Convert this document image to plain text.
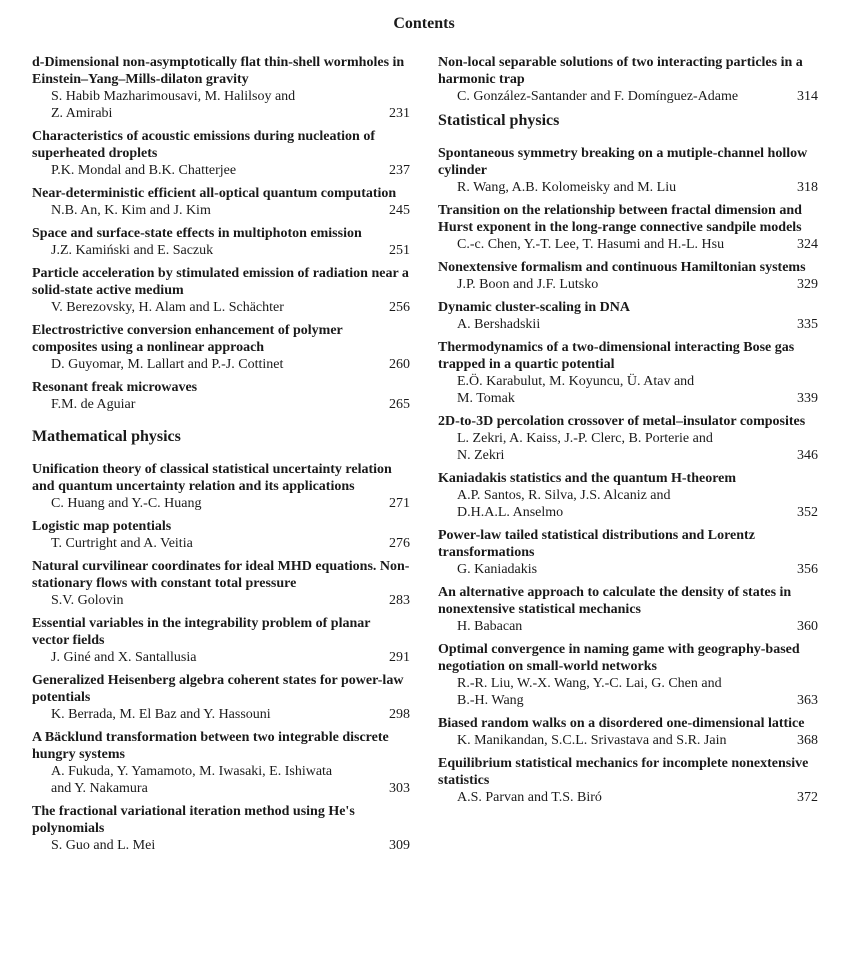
Contents
d-Dimensional non-asymptotically flat thin-shell wormholes in Einstein–Yang–Mills-dilaton gravity
S. Habib Mazharimousavi, M. Halilsoy and
Z. Amirabi	231
Characteristics of acoustic emissions during nucleation of superheated droplets
P.K. Mondal and B.K. Chatterjee	237
Near-deterministic efficient all-optical quantum computation
N.B. An, K. Kim and J. Kim	245
Space and surface-state effects in multiphoton emission
J.Z. Kamiński and E. Saczuk	251
Particle acceleration by stimulated emission of radiation near a solid-state active medium
V. Berezovsky, H. Alam and L. Schächter	256
Electrostrictive conversion enhancement of polymer composites using a nonlinear approach
D. Guyomar, M. Lallart and P.-J. Cottinet	260
Resonant freak microwaves
F.M. de Aguiar	265
Mathematical physics
Unification theory of classical statistical uncertainty relation and quantum uncertainty relation and its applications
C. Huang and Y.-C. Huang	271
Logistic map potentials
T. Curtright and A. Veitia	276
Natural curvilinear coordinates for ideal MHD equations. Non-stationary flows with constant total pressure
S.V. Golovin	283
Essential variables in the integrability problem of planar vector fields
J. Giné and X. Santallusia	291
Generalized Heisenberg algebra coherent states for power-law potentials
K. Berrada, M. El Baz and Y. Hassouni	298
A Bäcklund transformation between two integrable discrete hungry systems
A. Fukuda, Y. Yamamoto, M. Iwasaki, E. Ishiwata
and Y. Nakamura	303
The fractional variational iteration method using He's polynomials
S. Guo and L. Mei	309
Non-local separable solutions of two interacting particles in a harmonic trap
C. González-Santander and F. Domínguez-Adame	314
Statistical physics
Spontaneous symmetry breaking on a mutiple-channel hollow cylinder
R. Wang, A.B. Kolomeisky and M. Liu	318
Transition on the relationship between fractal dimension and Hurst exponent in the long-range connective sandpile models
C.-c. Chen, Y.-T. Lee, T. Hasumi and H.-L. Hsu	324
Nonextensive formalism and continuous Hamiltonian systems
J.P. Boon and J.F. Lutsko	329
Dynamic cluster-scaling in DNA
A. Bershadskii	335
Thermodynamics of a two-dimensional interacting Bose gas trapped in a quartic potential
E.Ö. Karabulut, M. Koyuncu, Ü. Atav and
M. Tomak	339
2D-to-3D percolation crossover of metal–insulator composites
L. Zekri, A. Kaiss, J.-P. Clerc, B. Porterie and
N. Zekri	346
Kaniadakis statistics and the quantum H-theorem
A.P. Santos, R. Silva, J.S. Alcaniz and
D.H.A.L. Anselmo	352
Power-law tailed statistical distributions and Lorentz transformations
G. Kaniadakis	356
An alternative approach to calculate the density of states in nonextensive statistical mechanics
H. Babacan	360
Optimal convergence in naming game with geography-based negotiation on small-world networks
R.-R. Liu, W.-X. Wang, Y.-C. Lai, G. Chen and
B.-H. Wang	363
Biased random walks on a disordered one-dimensional lattice
K. Manikandan, S.C.L. Srivastava and S.R. Jain	368
Equilibrium statistical mechanics for incomplete nonextensive statistics
A.S. Parvan and T.S. Biró	372
